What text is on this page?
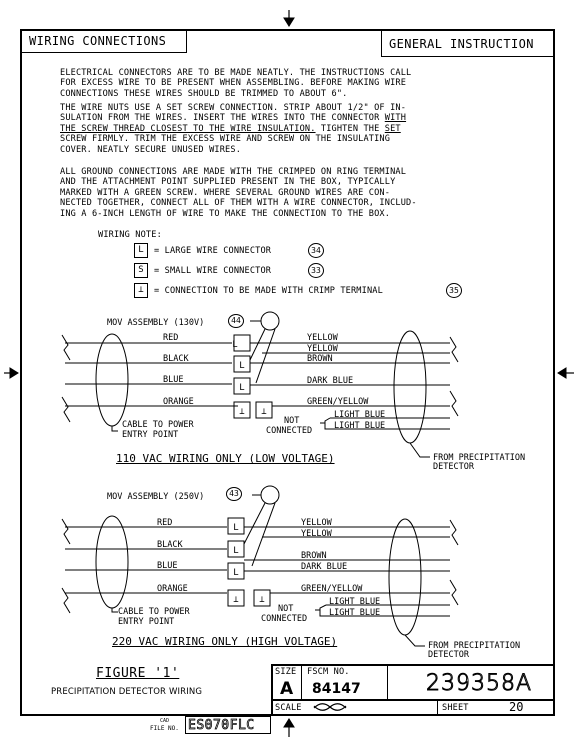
WIRING CONNECTIONS	GENERAL INSTRUCTION
ELECTRICAL CONNECTORS ARE TO BE MADE NEATLY. THE INSTRUCTIONS CALL
FOR EXCESS WIRE TO BE PRESENT WHEN ASSEMBLING. BEFORE MAKING WIRE
CONNECTIONS THESE WIRES SHOULD BE TRIMMED TO ABOUT 6".
THE WIRE NUTS USE A SET SCREW CONNECTION. STRIP ABOUT 1/2" OF IN-
SULATION FROM THE WIRES. INSERT THE WIRES INTO THE CONNECTOR WITH
THE SCREW THREAD CLOSEST TO THE WIRE INSULATION. TIGHTEN THE SET
SCREW FIRMLY. TRIM THE EXCESS WIRE AND SCREW ON THE INSULATING
COVER. NEATLY SECURE UNUSED WIRES.
ALL GROUND CONNECTIONS ARE MADE WITH THE CRIMPED ON RING TERMINAL
AND THE ATTACHMENT POINT SUPPLIED PRESENT IN THE BOX, TYPICALLY
MARKED WITH A GREEN SCREW. WHERE SEVERAL GROUND WIRES ARE CON-
NECTED TOGETHER, CONNECT ALL OF THEM WITH A WIRE CONNECTOR, INCLUD-
ING A 6-INCH LENGTH OF WIRE TO MAKE THE CONNECTION TO THE BOX.
WIRING NOTE:
L	= LARGE WIRE CONNECTOR	34
S	= SMALL WIRE CONNECTOR	33
⊥	= CONNECTION TO BE MADE WITH CRIMP TERMINAL	35
MOV ASSEMBLY (130V)
RED
BLACK
BLUE
ORANGE
YELLOW
YELLOW
BROWN
DARK BLUE
GREEN/YELLOW
LIGHT BLUE
LIGHT BLUE
NOT
CONNECTED
CABLE TO POWER
ENTRY POINT
FROM PRECIPITATION
DETECTOR
L
L
L
⊥ ⊥
44
110 VAC WIRING ONLY (LOW VOLTAGE)
MOV ASSEMBLY (250V)
RED
BLACK
BLUE
ORANGE
YELLOW
YELLOW
BROWN
DARK BLUE
GREEN/YELLOW
LIGHT BLUE
LIGHT BLUE
NOT
CONNECTED
CABLE TO POWER
ENTRY POINT
FROM PRECIPITATION
DETECTOR
L
L
L
⊥ ⊥
43
220 VAC WIRING ONLY (HIGH VOLTAGE)
FIGURE '1'
PRECIPITATION DETECTOR WIRING
SIZE
A
FSCM NO.
84147	239358A
SCALE	SHEET	20
CAD
FILE NO. ES070FLC
